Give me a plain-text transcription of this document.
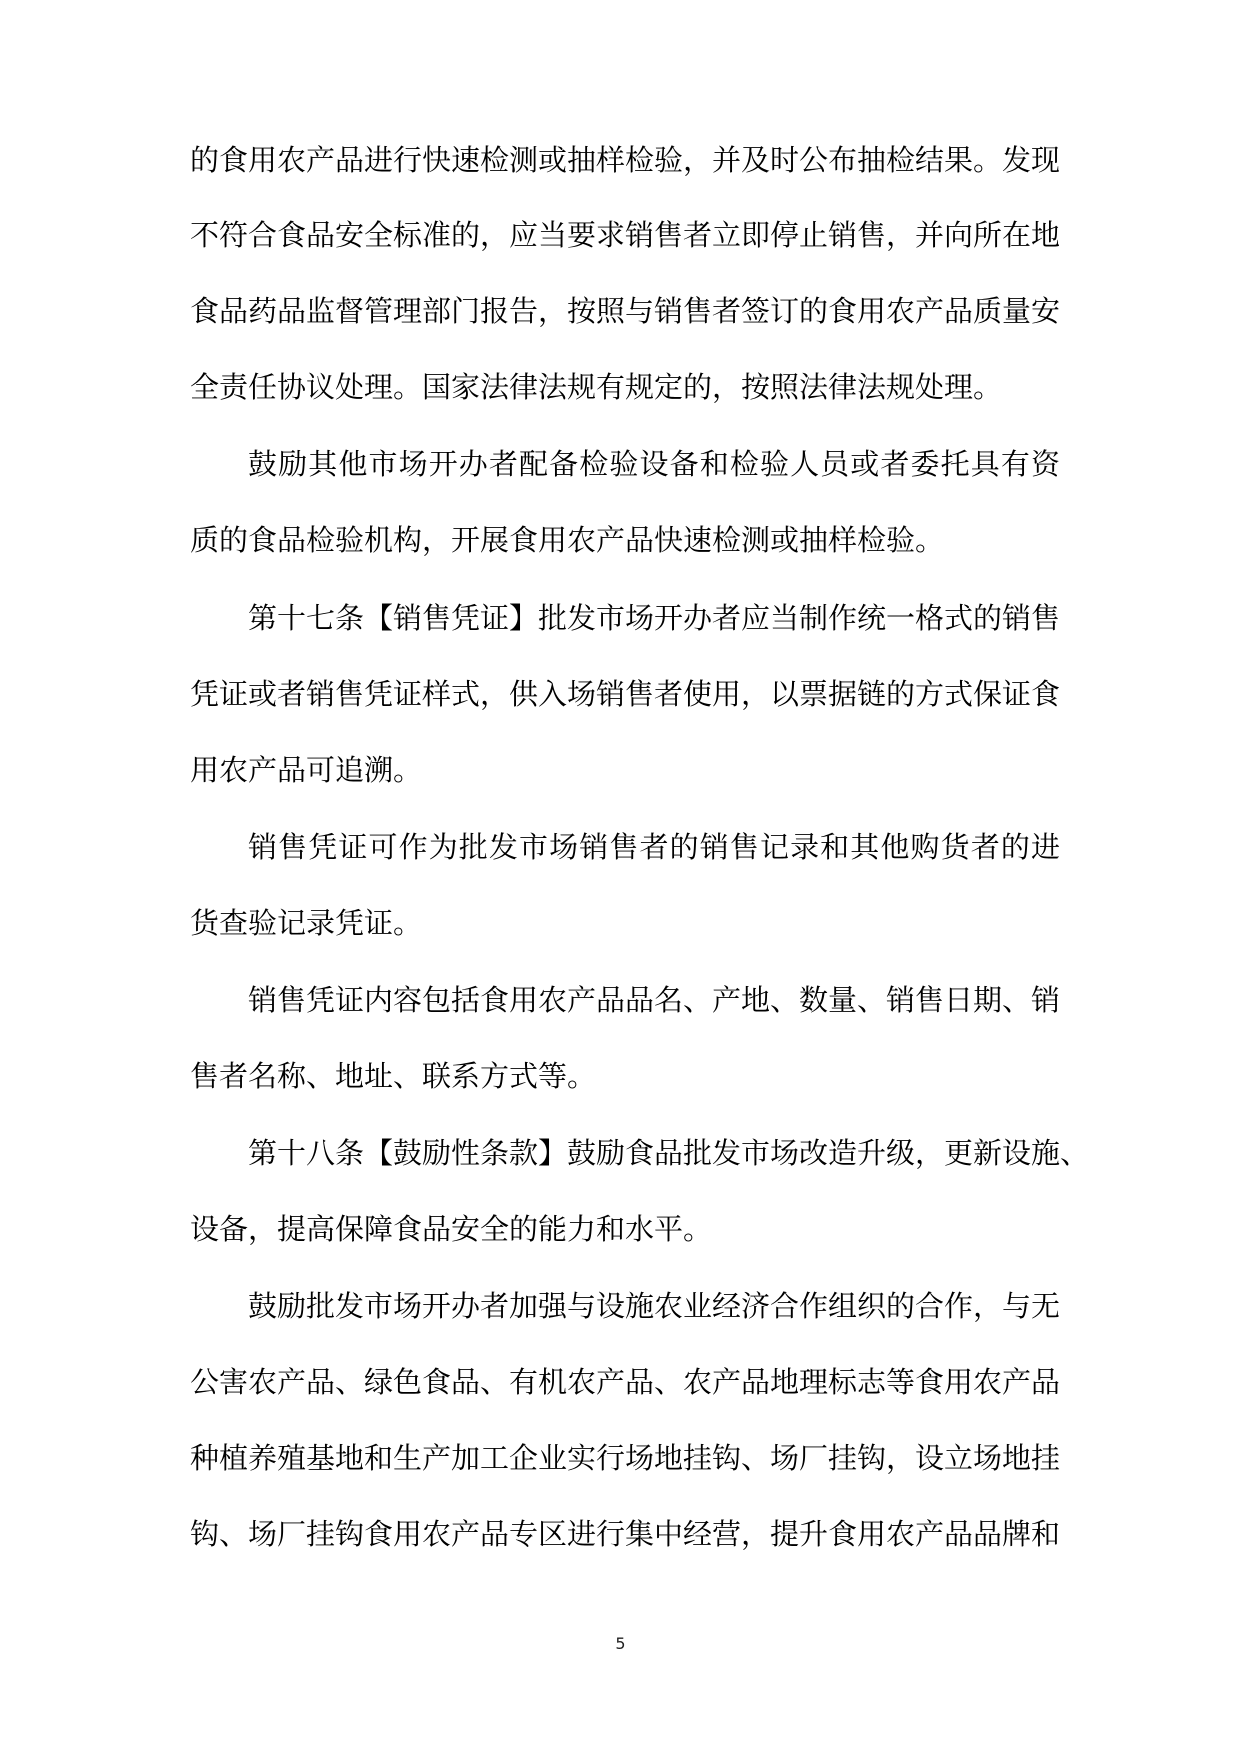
的食用农产品进行快速检测或抽样检验，并及时公布抽检结果。发现
不符合食品安全标准的，应当要求销售者立即停止销售，并向所在地
食品药品监督管理部门报告，按照与销售者签订的食用农产品质量安
全责任协议处理。国家法律法规有规定的，按照法律法规处理。
鼓励其他市场开办者配备检验设备和检验人员或者委托具有资
质的食品检验机构，开展食用农产品快速检测或抽样检验。
第十七条【销售凭证】批发市场开办者应当制作统一格式的销售
凭证或者销售凭证样式，供入场销售者使用，以票据链的方式保证食
用农产品可追溯。
销售凭证可作为批发市场销售者的销售记录和其他购货者的进
货查验记录凭证。
销售凭证内容包括食用农产品品名、产地、数量、销售日期、销
售者名称、地址、联系方式等。
第十八条【鼓励性条款】鼓励食品批发市场改造升级，更新设施、
设备，提高保障食品安全的能力和水平。
鼓励批发市场开办者加强与设施农业经济合作组织的合作，与无
公害农产品、绿色食品、有机农产品、农产品地理标志等食用农产品
种植养殖基地和生产加工企业实行场地挂钩、场厂挂钩，设立场地挂
钩、场厂挂钩食用农产品专区进行集中经营，提升食用农产品品牌和
5
